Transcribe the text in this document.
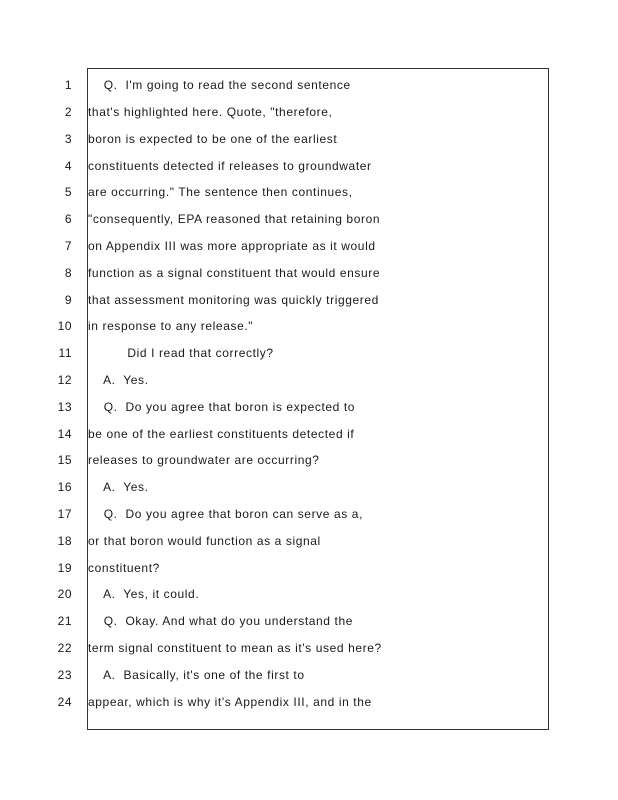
1 Q.  I'm going to read the second sentence
2 that's highlighted here. Quote, "therefore,
3 boron is expected to be one of the earliest
4 constituents detected if releases to groundwater
5 are occurring." The sentence then continues,
6 "consequently, EPA reasoned that retaining boron
7 on Appendix III was more appropriate as it would
8 function as a signal constituent that would ensure
9 that assessment monitoring was quickly triggered
10 in response to any release."
11 Did I read that correctly?
12 A.  Yes.
13 Q.  Do you agree that boron is expected to
14 be one of the earliest constituents detected if
15 releases to groundwater are occurring?
16 A.  Yes.
17 Q.  Do you agree that boron can serve as a,
18 or that boron would function as a signal
19 constituent?
20 A.  Yes, it could.
21 Q.  Okay. And what do you understand the
22 term signal constituent to mean as it's used here?
23 A.  Basically, it's one of the first to
24 appear, which is why it's Appendix III, and in the
